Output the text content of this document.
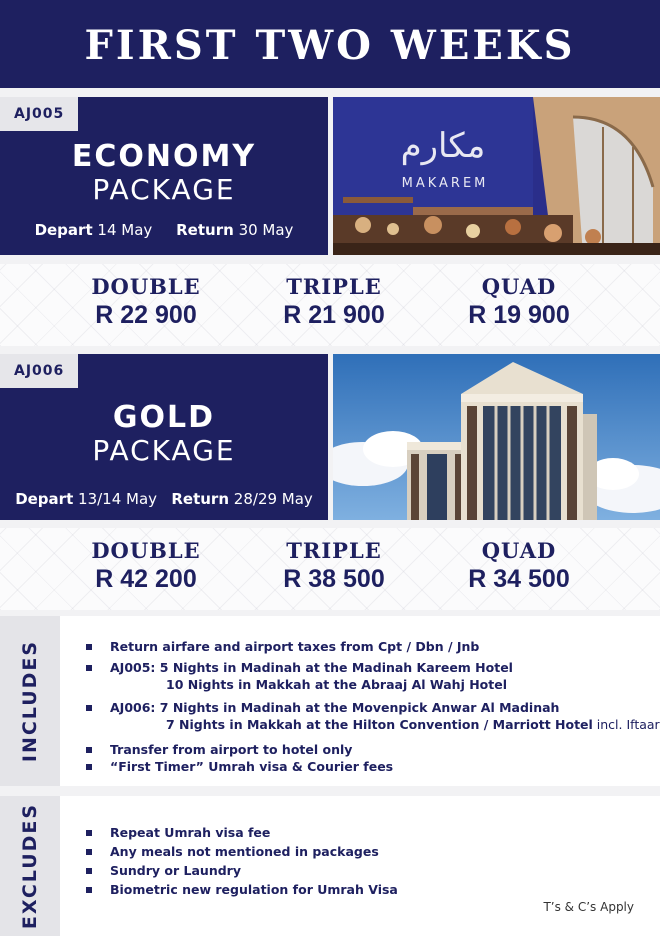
FIRST TWO WEEKS
AJ005
ECONOMY
PACKAGE
Depart 14 May Return 30 May
مكارم
MAKAREM
DOUBLE
R 22 900
TRIPLE
R 21 900
QUAD
R 19 900
AJ006
GOLD
PACKAGE
Depart 13/14 May Return 28/29 May
DOUBLE
R 42 200
TRIPLE
R 38 500
QUAD
R 34 500
INCLUDES	Return airfare and airport taxes from Cpt / Dbn / Jnb
AJ005: 5 Nights in Madinah at the Madinah Kareem Hotel
10 Nights in Makkah at the Abraaj Al Wahj Hotel
AJ006: 7 Nights in Madinah at the Movenpick Anwar Al Madinah
7 Nights in Makkah at the Hilton Convention / Marriott Hotel incl. Iftaar
Transfer from airport to hotel only
“First Timer” Umrah visa & Courier fees
EXCLUDES	Repeat Umrah visa fee
Any meals not mentioned in packages
Sundry or Laundry
Biometric new regulation for Umrah Visa
T’s & C’s Apply
